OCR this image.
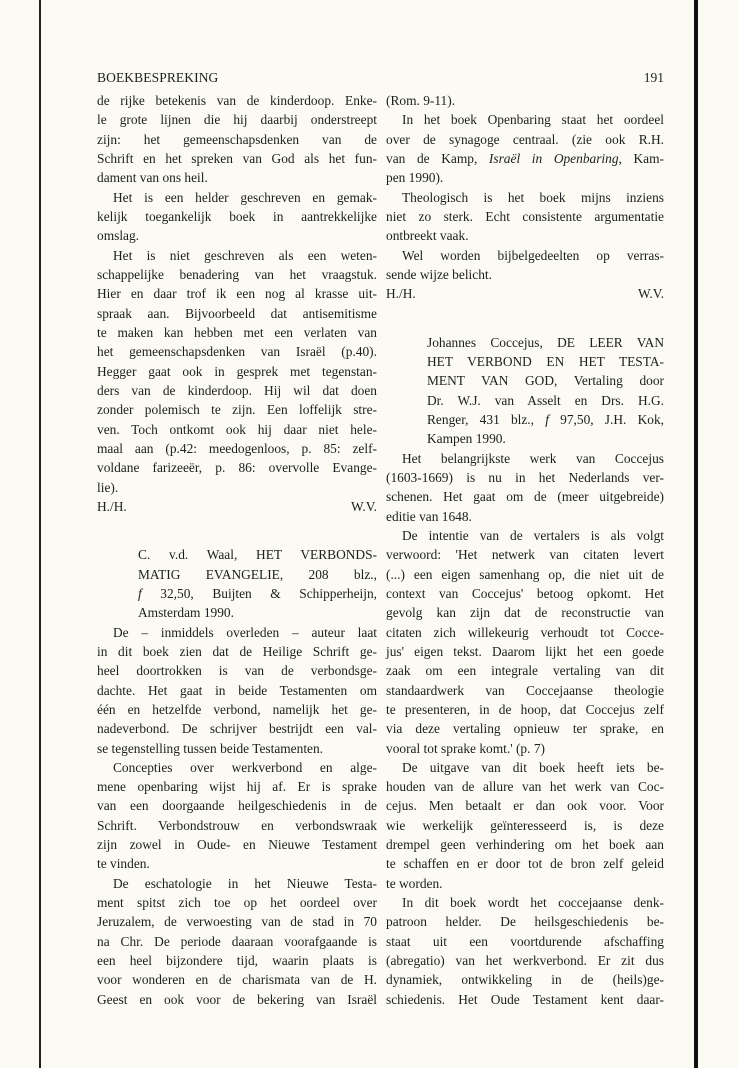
BOEKBESPREKING	191
de rijke betekenis van de kinderdoop. Enke-
le grote lijnen die hij daarbij onderstreept
zijn: het gemeenschapsdenken van de
Schrift en het spreken van God als het fun-
dament van ons heil.
Het is een helder geschreven en gemak-
kelijk toegankelijk boek in aantrekkelijke
omslag.
Het is niet geschreven als een weten-
schappelijke benadering van het vraagstuk.
Hier en daar trof ik een nog al krasse uit-
spraak aan. Bijvoorbeeld dat antisemitisme
te maken kan hebben met een verlaten van
het gemeenschapsdenken van Israël (p.40).
Hegger gaat ook in gesprek met tegenstan-
ders van de kinderdoop. Hij wil dat doen
zonder polemisch te zijn. Een loffelijk stre-
ven. Toch ontkomt ook hij daar niet hele-
maal aan (p.42: meedogenloos, p. 85: zelf-
voldane farizeeër, p. 86: overvolle Evange-
lie).
H./H.	W.V.
C. v.d. Waal, HET VERBONDS-
MATIG EVANGELIE, 208 blz.,
f 32,50, Buijten & Schipperheijn,
Amsterdam 1990.
De – inmiddels overleden – auteur laat
in dit boek zien dat de Heilige Schrift ge-
heel doortrokken is van de verbondsge-
dachte. Het gaat in beide Testamenten om
één en hetzelfde verbond, namelijk het ge-
nadeverbond. De schrijver bestrijdt een val-
se tegenstelling tussen beide Testamenten.
Concepties over werkverbond en alge-
mene openbaring wijst hij af. Er is sprake
van een doorgaande heilgeschiedenis in de
Schrift. Verbondstrouw en verbondswraak
zijn zowel in Oude- en Nieuwe Testament
te vinden.
De eschatologie in het Nieuwe Testa-
ment spitst zich toe op het oordeel over
Jeruzalem, de verwoesting van de stad in 70
na Chr. De periode daaraan voorafgaande is
een heel bijzondere tijd, waarin plaats is
voor wonderen en de charismata van de H.
Geest en ook voor de bekering van Israël
(Rom. 9-11).
In het boek Openbaring staat het oordeel
over de synagoge centraal. (zie ook R.H.
van de Kamp, Israël in Openbaring, Kam-
pen 1990).
Theologisch is het boek mijns inziens
niet zo sterk. Echt consistente argumentatie
ontbreekt vaak.
Wel worden bijbelgedeelten op verras-
sende wijze belicht.
H./H.	W.V.
Johannes Coccejus, DE LEER VAN
HET VERBOND EN HET TESTA-
MENT VAN GOD, Vertaling door
Dr. W.J. van Asselt en Drs. H.G.
Renger, 431 blz., f 97,50, J.H. Kok,
Kampen 1990.
Het belangrijkste werk van Coccejus
(1603-1669) is nu in het Nederlands ver-
schenen. Het gaat om de (meer uitgebreide)
editie van 1648.
De intentie van de vertalers is als volgt
verwoord: 'Het netwerk van citaten levert
(...) een eigen samenhang op, die niet uit de
context van Coccejus' betoog opkomt. Het
gevolg kan zijn dat de reconstructie van
citaten zich willekeurig verhoudt tot Cocce-
jus' eigen tekst. Daarom lijkt het een goede
zaak om een integrale vertaling van dit
standaardwerk van Coccejaanse theologie
te presenteren, in de hoop, dat Coccejus zelf
via deze vertaling opnieuw ter sprake, en
vooral tot sprake komt.' (p. 7)
De uitgave van dit boek heeft iets be-
houden van de allure van het werk van Coc-
cejus. Men betaalt er dan ook voor. Voor
wie werkelijk geïnteresseerd is, is deze
drempel geen verhindering om het boek aan
te schaffen en er door tot de bron zelf geleid
te worden.
In dit boek wordt het coccejaanse denk-
patroon helder. De heilsgeschiedenis be-
staat uit een voortdurende afschaffing
(abregatio) van het werkverbond. Er zit dus
dynamiek, ontwikkeling in de (heils)ge-
schiedenis. Het Oude Testament kent daar-
